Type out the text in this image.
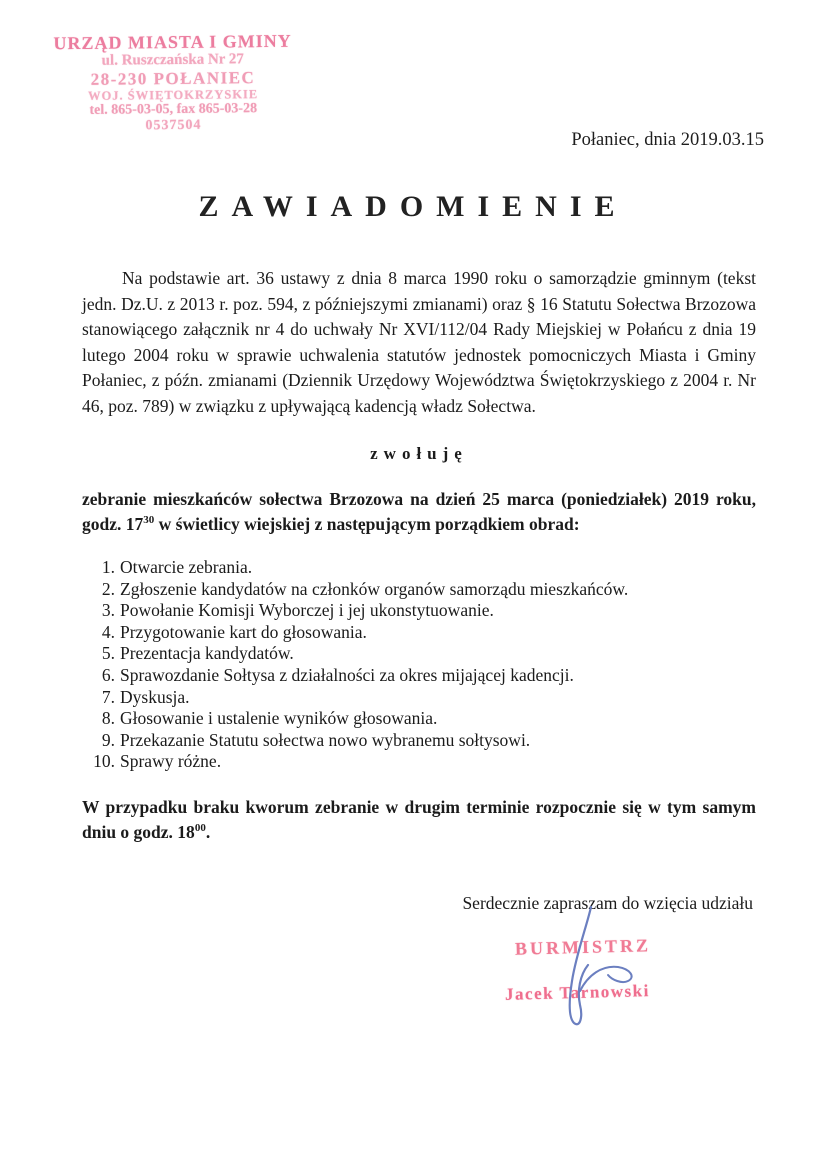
URZĄD MIASTA I GMINY
ul. Ruszczańska Nr 27
28-230 POŁANIEC
WOJ. ŚWIĘTOKRZYSKIE
tel. 865-03-05, fax 865-03-28
0537504
Połaniec, dnia 2019.03.15
ZAWIADOMIENIE

Na podstawie art. 36 ustawy z dnia 8 marca 1990 roku o samorządzie gminnym (tekst jedn. Dz.U. z 2013 r. poz. 594, z późniejszymi zmianami) oraz § 16 Statutu Sołectwa Brzozowa stanowiącego załącznik nr 4 do uchwały Nr XVI/112/04 Rady Miejskiej w Połańcu z dnia 19 lutego 2004 roku w sprawie uchwalenia statutów jednostek pomocniczych Miasta i Gminy Połaniec, z późn. zmianami (Dziennik Urzędowy Województwa Świętokrzyskiego z 2004 r. Nr 46, poz. 789) w związku z upływającą kadencją władz Sołectwa.

zwołuję

zebranie mieszkańców sołectwa Brzozowa na dzień 25 marca (poniedziałek) 2019 roku, godz. $17^{30}$ w świetlicy wiejskiej z następującym porządkiem obrad:

1. Otwarcie zebrania.
2. Zgłoszenie kandydatów na członków organów samorządu mieszkańców.
3. Powołanie Komisji Wyborczej i jej ukonstytuowanie.
4. Przygotowanie kart do głosowania.
5. Prezentacja kandydatów.
6. Sprawozdanie Sołtysa z działalności za okres mijającej kadencji.
7. Dyskusja.
8. Głosowanie i ustalenie wyników głosowania.
9. Przekazanie Statutu sołectwa nowo wybranemu sołtysowi.
10. Sprawy różne.

W przypadku braku kworum zebranie w drugim terminie rozpocznie się w tym samym dniu o godz. $18^{00}$.

Serdecznie zapraszam do wzięcia udziału

BURMISTRZ
Jacek Tarnowski
